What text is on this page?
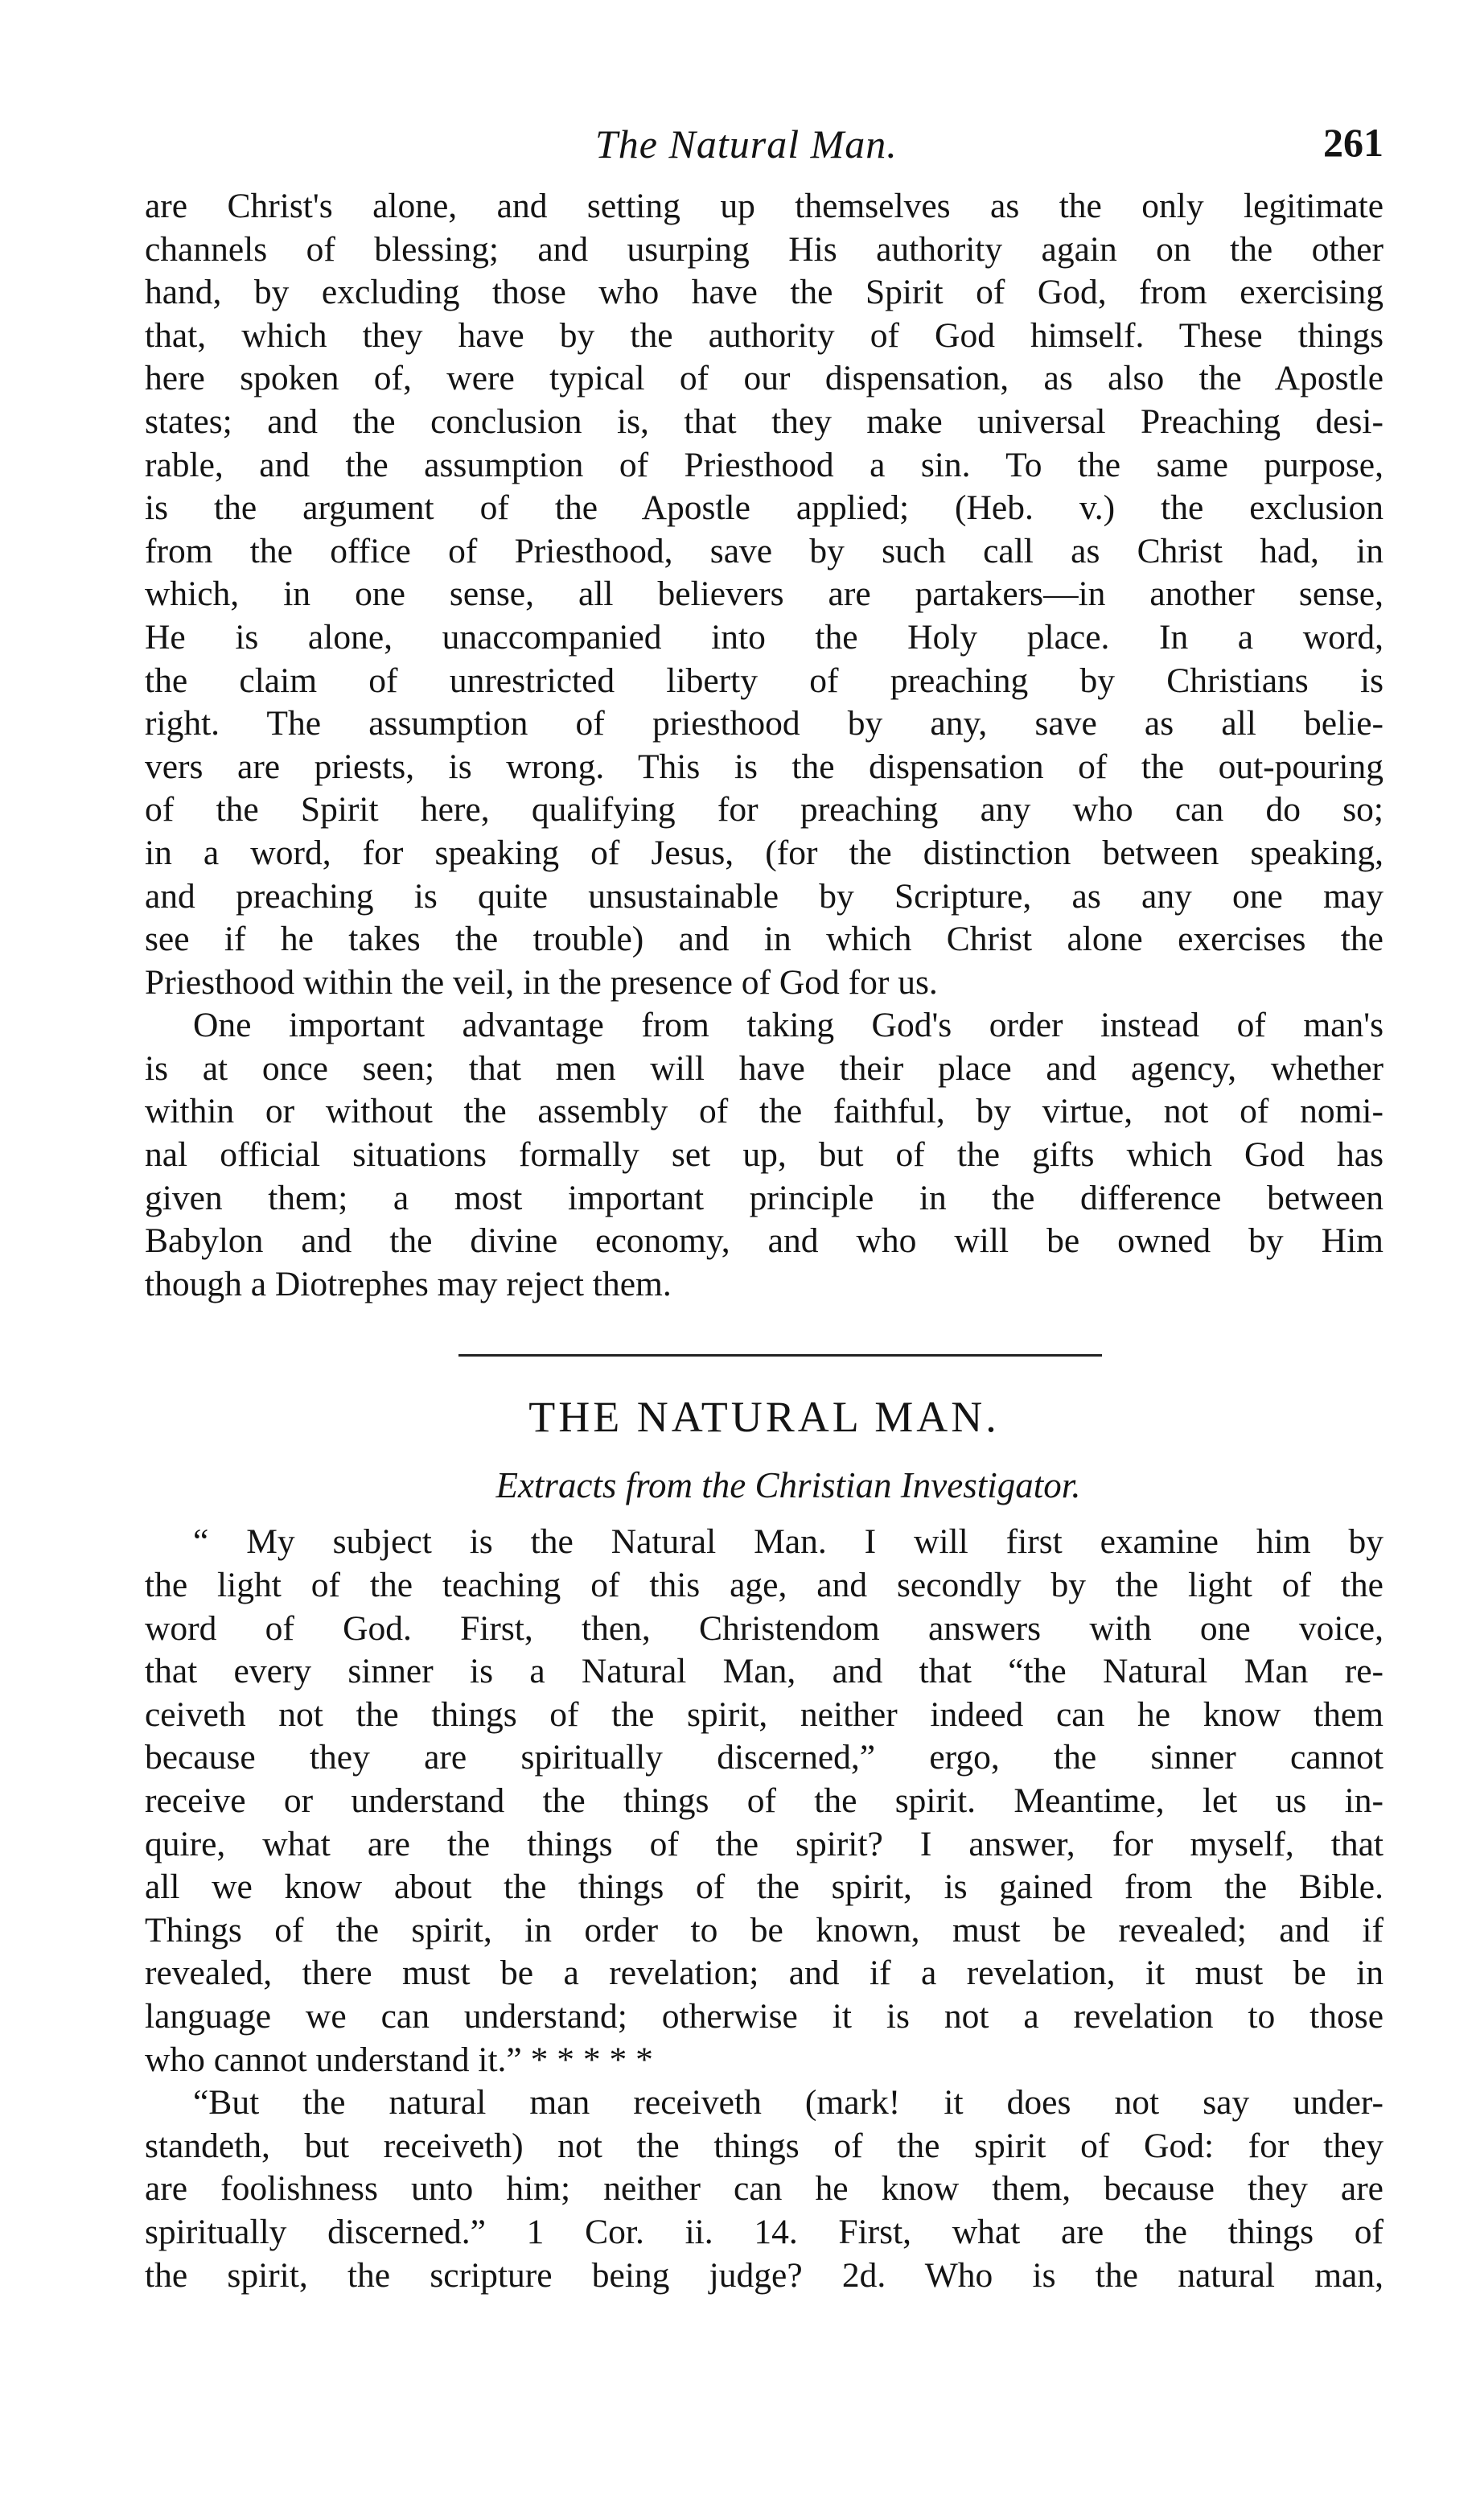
The Natural Man.	261
are Christ's alone, and setting up themselves as the only legitimate
channels of blessing; and usurping His authority again on the other
hand, by excluding those who have the Spirit of God, from exercising
that, which they have by the authority of God himself. These things
here spoken of, were typical of our dispensation, as also the Apostle
states; and the conclusion is, that they make universal Preaching desi-
rable, and the assumption of Priesthood a sin. To the same purpose,
is the argument of the Apostle applied; (Heb. v.) the exclusion
from the office of Priesthood, save by such call as Christ had, in
which, in one sense, all believers are partakers—in another sense,
He is alone, unaccompanied into the Holy place. In a word,
the claim of unrestricted liberty of preaching by Christians is
right. The assumption of priesthood by any, save as all belie-
vers are priests, is wrong. This is the dispensation of the out-pouring
of the Spirit here, qualifying for preaching any who can do so;
in a word, for speaking of Jesus, (for the distinction between speaking,
and preaching is quite unsustainable by Scripture, as any one may
see if he takes the trouble) and in which Christ alone exercises the
Priesthood within the veil, in the presence of God for us.
One important advantage from taking God's order instead of man's
is at once seen; that men will have their place and agency, whether
within or without the assembly of the faithful, by virtue, not of nomi-
nal official situations formally set up, but of the gifts which God has
given them; a most important principle in the difference between
Babylon and the divine economy, and who will be owned by Him
though a Diotrephes may reject them.
THE NATURAL MAN.
Extracts from the Christian Investigator.
“ My subject is the Natural Man. I will first examine him by
the light of the teaching of this age, and secondly by the light of the
word of God. First, then, Christendom answers with one voice,
that every sinner is a Natural Man, and that “the Natural Man re-
ceiveth not the things of the spirit, neither indeed can he know them
because they are spiritually discerned,” ergo, the sinner cannot
receive or understand the things of the spirit. Meantime, let us in-
quire, what are the things of the spirit? I answer, for myself, that
all we know about the things of the spirit, is gained from the Bible.
Things of the spirit, in order to be known, must be revealed; and if
revealed, there must be a revelation; and if a revelation, it must be in
language we can understand; otherwise it is not a revelation to those
who cannot understand it.” * * * * *
“But the natural man receiveth (mark! it does not say under-
standeth, but receiveth) not the things of the spirit of God: for they
are foolishness unto him; neither can he know them, because they are
spiritually discerned.” 1 Cor. ii. 14. First, what are the things of
the spirit, the scripture being judge? 2d. Who is the natural man,
